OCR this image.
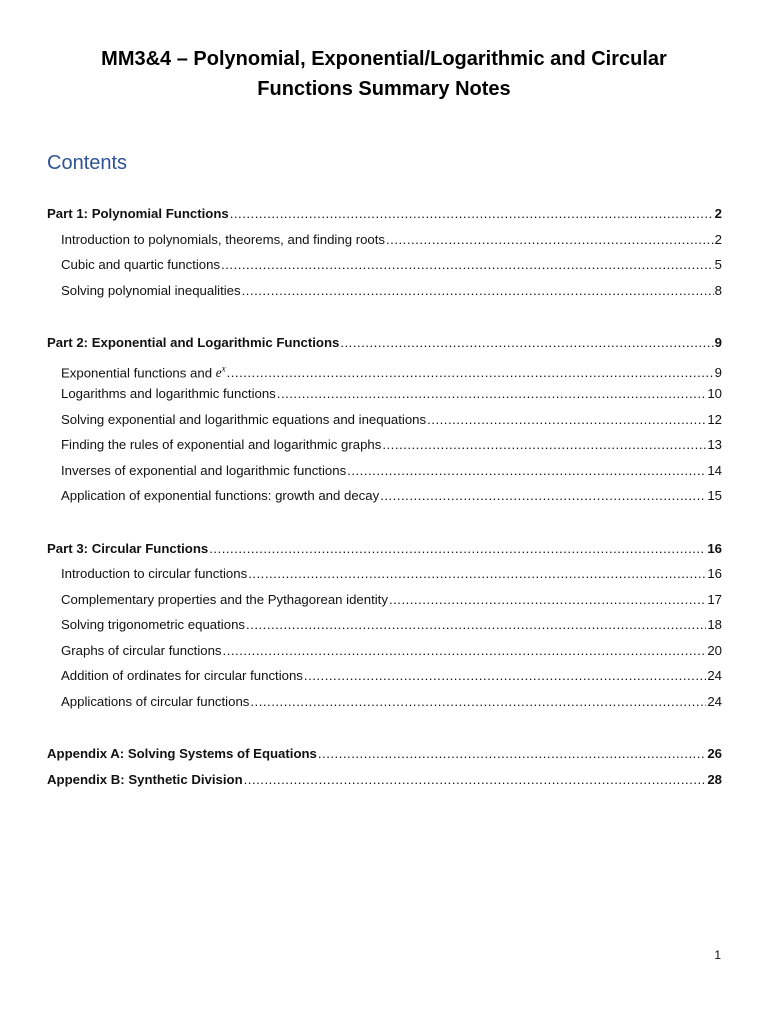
MM3&4 – Polynomial, Exponential/Logarithmic and Circular
Functions Summary Notes
Contents
Part 1: Polynomial Functions .....	2
Introduction to polynomials, theorems, and finding roots .....	2
Cubic and quartic functions .....	5
Solving polynomial inequalities .....	8
Part 2: Exponential and Logarithmic Functions .....	9
Exponential functions and $e^x$ .....	9
Logarithms and logarithmic functions .....	10
Solving exponential and logarithmic equations and inequations .....	12
Finding the rules of exponential and logarithmic graphs .....	13
Inverses of exponential and logarithmic functions .....	14
Application of exponential functions: growth and decay .....	15
Part 3: Circular Functions .....	16
Introduction to circular functions .....	16
Complementary properties and the Pythagorean identity .....	17
Solving trigonometric equations .....	18
Graphs of circular functions .....	20
Addition of ordinates for circular functions .....	24
Applications of circular functions .....	24
Appendix A: Solving Systems of Equations .....	26
Appendix B: Synthetic Division .....	28
1
